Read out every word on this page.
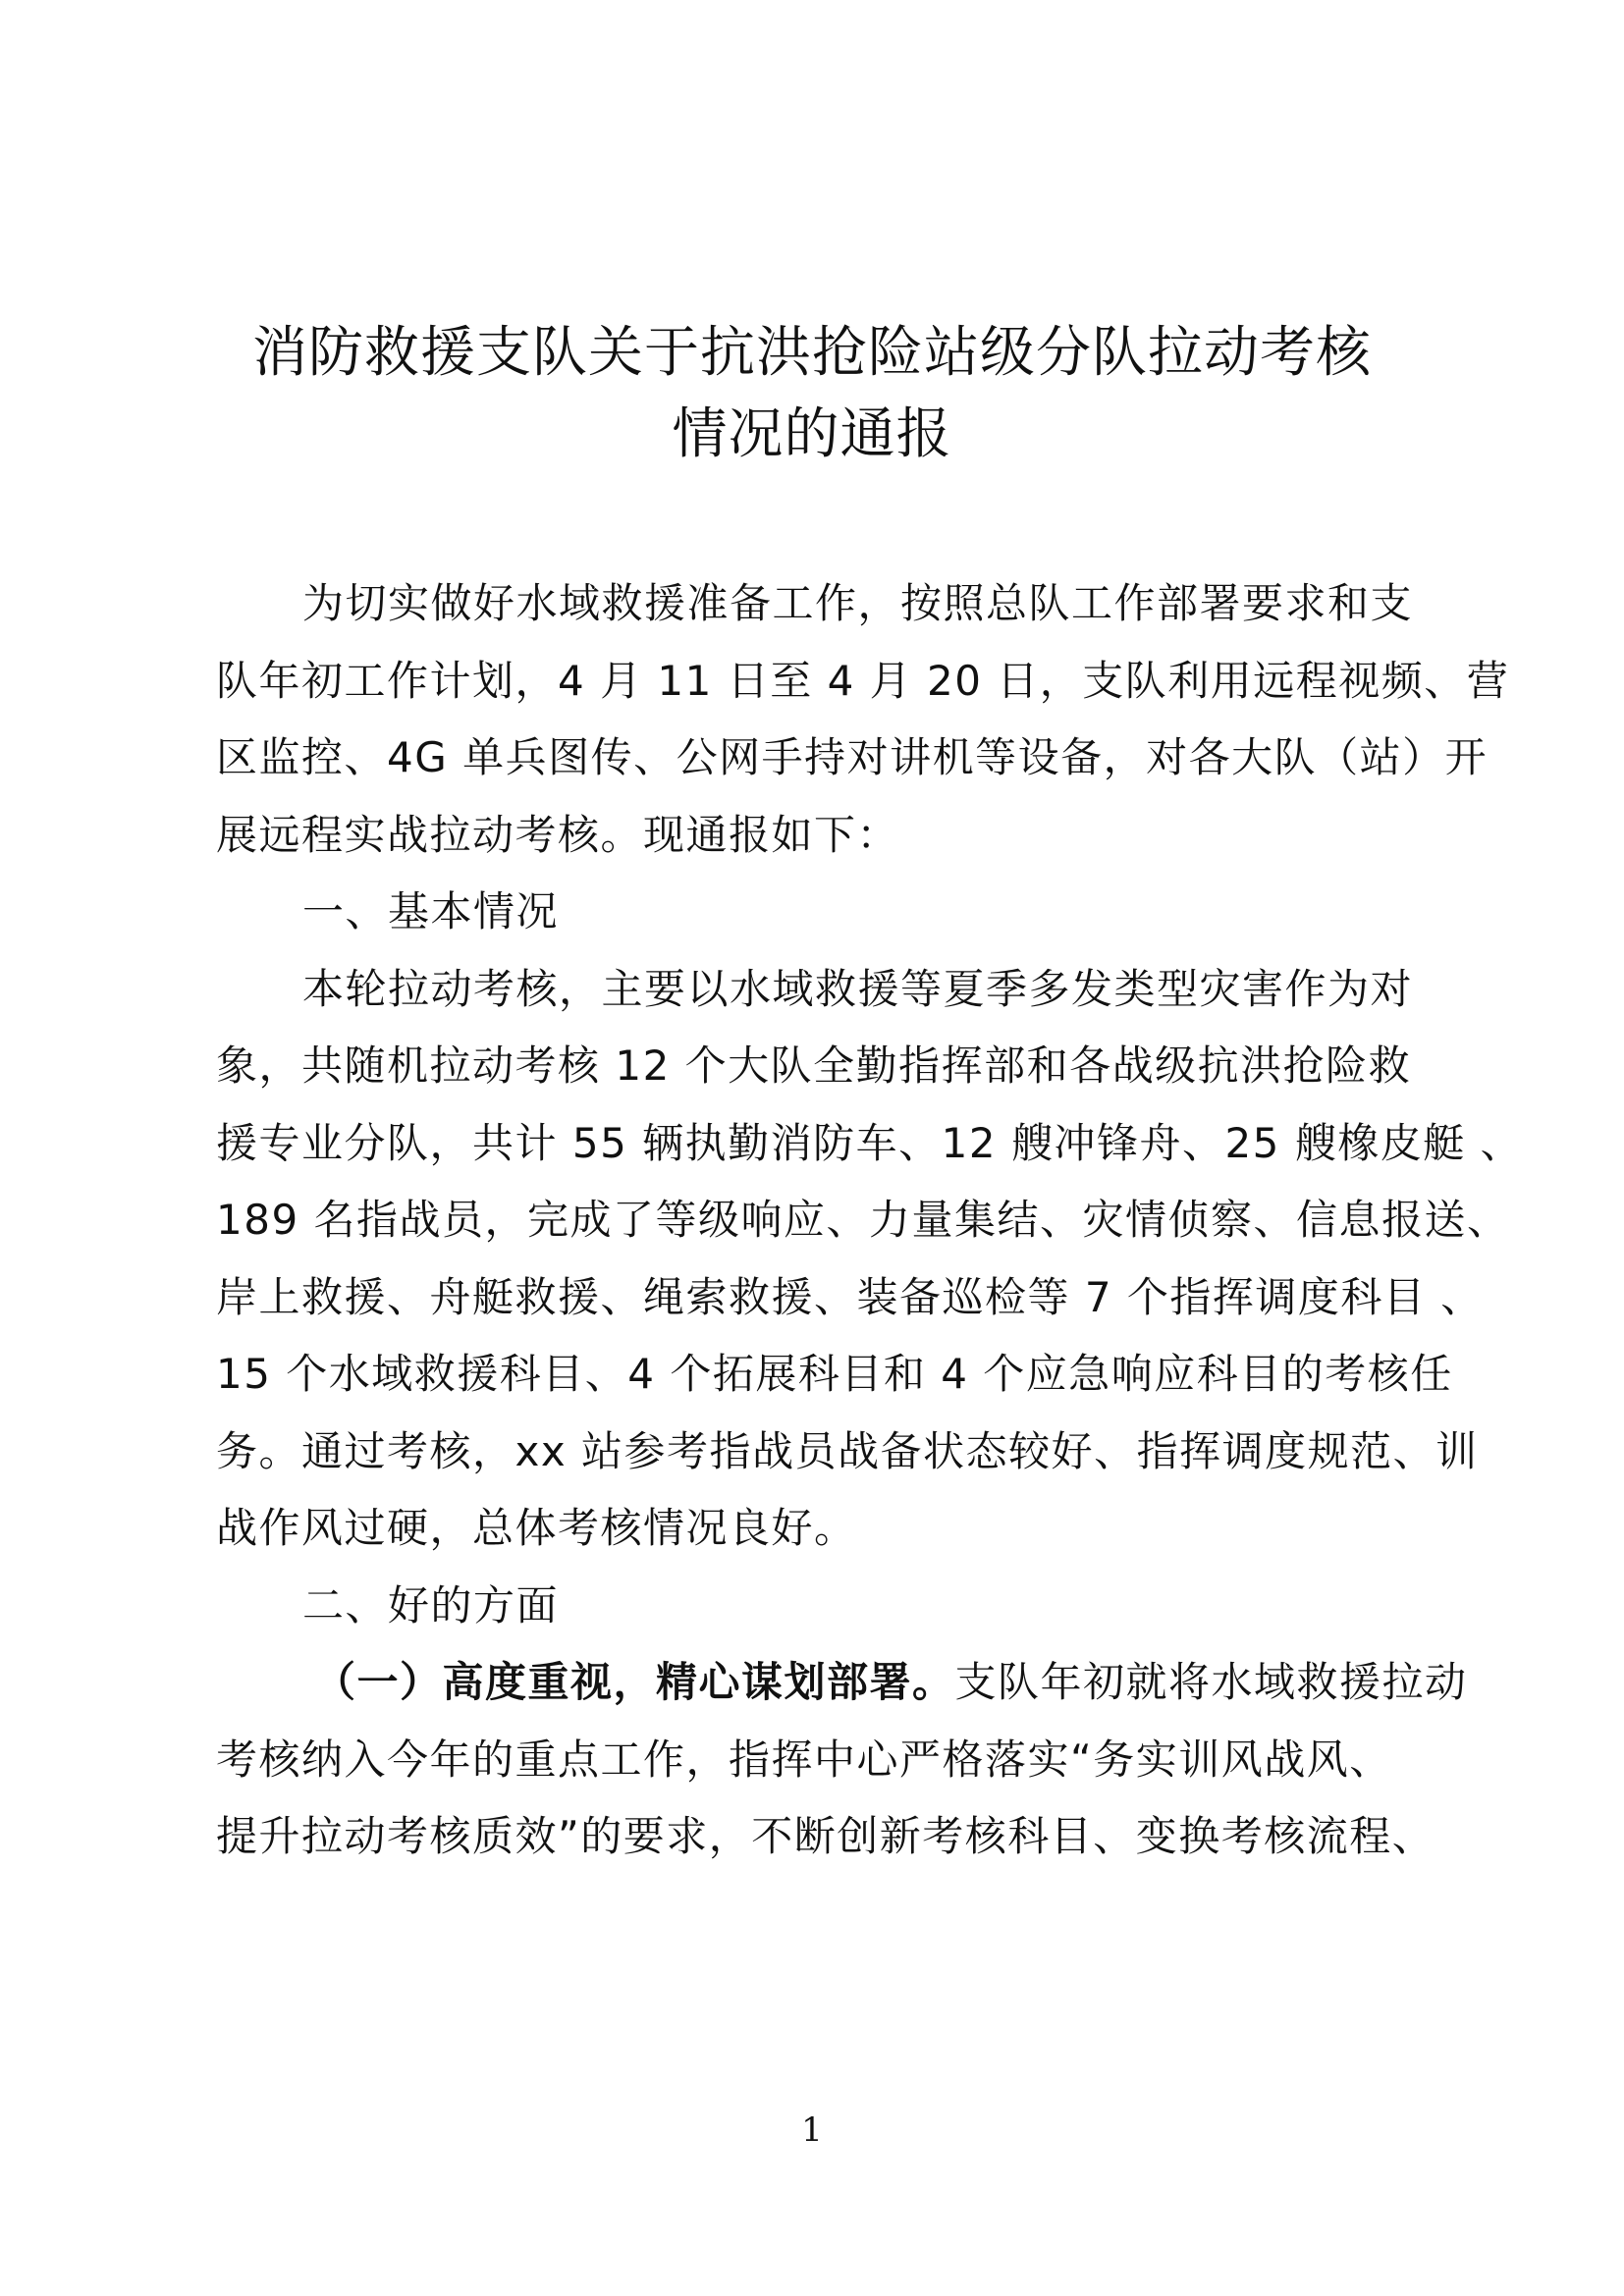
消防救援支队关于抗洪抢险站级分队拉动考核
情况的通报
为切实做好水域救援准备工作，按照总队工作部署要求和支
队年初工作计划，4 月 11 日至 4 月 20 日，支队利用远程视频、营
区监控、4G 单兵图传、公网手持对讲机等设备，对各大队（站）开
展远程实战拉动考核。现通报如下：
一、基本情况
本轮拉动考核，主要以水域救援等夏季多发类型灾害作为对
象，共随机拉动考核 12 个大队全勤指挥部和各战级抗洪抢险救
援专业分队，共计 55 辆执勤消防车、12 艘冲锋舟、25 艘橡皮艇 、
189 名指战员，完成了等级响应、力量集结、灾情侦察、信息报送、
岸上救援、舟艇救援、绳索救援、装备巡检等 7 个指挥调度科目 、
15 个水域救援科目、4 个拓展科目和 4 个应急响应科目的考核任
务。通过考核，xx 站参考指战员战备状态较好、指挥调度规范、训
战作风过硬，总体考核情况良好。
二、好的方面
（一）高度重视，精心谋划部署。支队年初就将水域救援拉动
考核纳入今年的重点工作，指挥中心严格落实“务实训风战风、
提升拉动考核质效”的要求，不断创新考核科目、变换考核流程、
1
